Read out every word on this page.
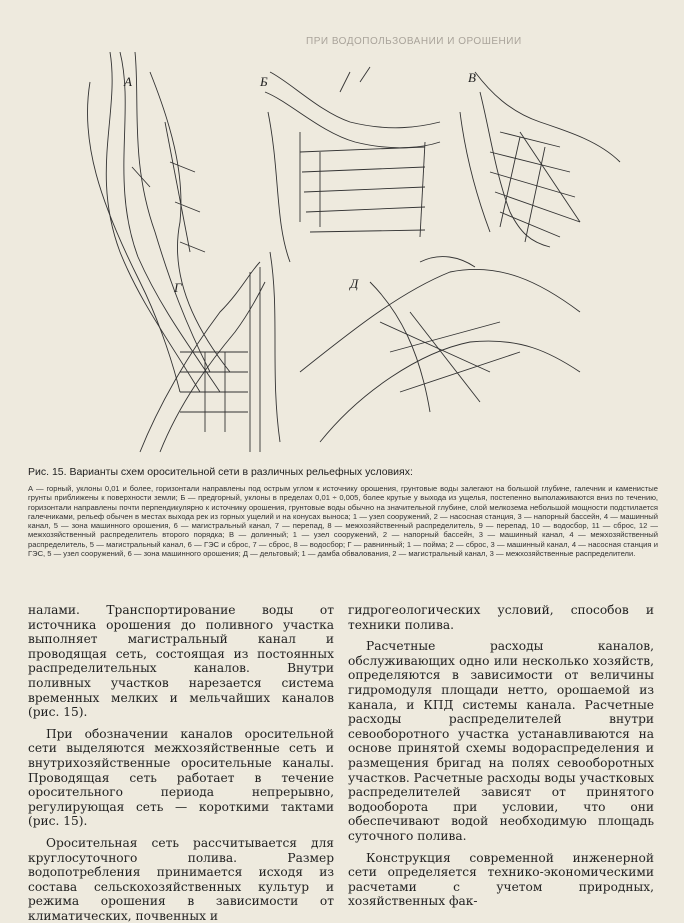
ПРИ ВОДОПОЛЬЗОВАНИИ И ОРОШЕНИИ
А	Б	В
Г	Д

Рис. 15. Варианты схем оросительной сети в различных рельефных условиях:

А — горный, уклоны 0,01 и более, горизонтали направлены под острым углом к источнику орошения, грунтовые воды залегают на большой глубине, галечник и каменистые грунты приближены к поверхности земли; Б — предгорный, уклоны в пределах 0,01 ÷ 0,005, более крутые у выхода из ущелья, постепенно выполаживаются вниз по течению, горизонтали направлены почти перпендикулярно к источнику орошения, грунтовые воды обычно на значительной глубине, слой мелкозема небольшой мощности подстилается галечниками, рельеф обычен в местах выхода рек из горных ущелий и на конусах выноса; 1 — узел сооружений, 2 — насосная станция, 3 — напорный бассейн, 4 — машинный канал, 5 — зона машинного орошения, 6 — магистральный канал, 7 — перепад, 8 — межхозяйственный распределитель, 9 — перепад, 10 — водосбор, 11 — сброс, 12 — межхозяйственный распределитель второго порядка; В — долинный; 1 — узел сооружений, 2 — напорный бассейн, 3 — машинный канал, 4 — межхозяйственный распределитель, 5 — магистральный канал, 6 — ГЭС и сброс, 7 — сброс, 8 — водосбор; Г — равнинный; 1 — пойма; 2 — сброс, 3 — машинный канал, 4 — насосная станция и ГЭС, 5 — узел сооружений, 6 — зона машинного орошения; Д — дельтовый; 1 — дамба обвалования, 2 — магистральный канал, 3 — межхозяйственные распределители.

налами. Транспортирование воды от источника орошения до поливного участка выполняет магистральный канал и проводящая сеть, состоящая из постоянных распределительных каналов. Внутри поливных участков нарезается система временных мелких и мельчайших каналов (рис. 15).

При обозначении каналов оросительной сети выделяются межхозяйственные сеть и внутрихозяйственные оросительные каналы. Проводящая сеть работает в течение оросительного периода непрерывно, регулирующая сеть — короткими тактами (рис. 15).

Оросительная сеть рассчитывается для круглосуточного полива. Размер водопотребления принимается исходя из состава сельскохозяйственных культур и режима орошения в зависимости от климатических, почвенных и

гидрогеологических условий, способов и техники полива.

Расчетные расходы каналов, обслуживающих одно или несколько хозяйств, определяются в зависимости от величины гидромодуля площади нетто, орошаемой из канала, и КПД системы канала. Расчетные расходы распределителей внутри севооборотного участка устанавливаются на основе принятой схемы водораспределения и размещения бригад на полях севооборотных участков. Расчетные расходы воды участковых распределителей зависят от принятого водооборота при условии, что они обеспечивают водой необходимую площадь суточного полива.

Конструкция современной инженерной сети определяется технико-экономическими расчетами с учетом природных, хозяйственных фак-
